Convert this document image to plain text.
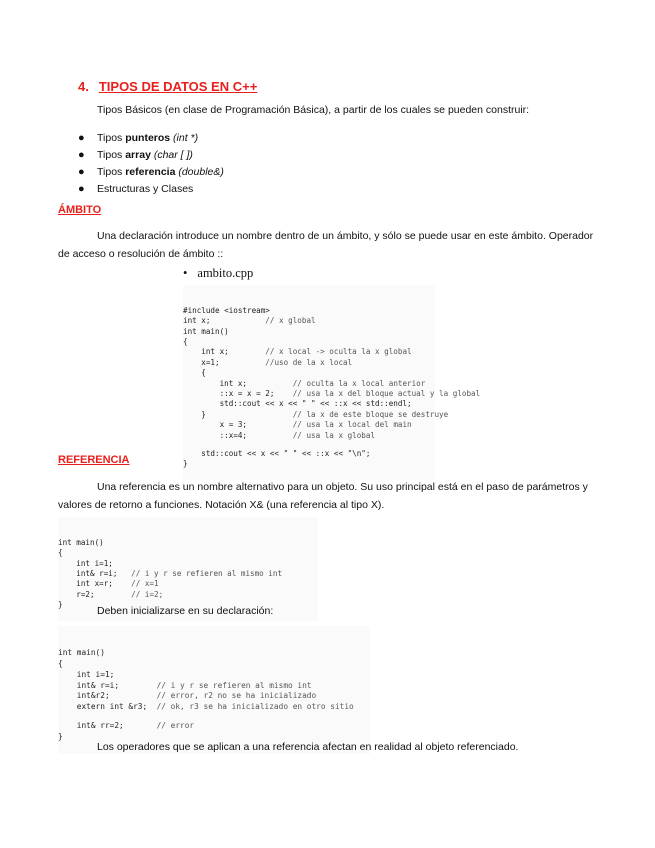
4. TIPOS DE DATOS EN C++
Tipos Básicos (en clase de Programación Básica), a partir de los cuales se pueden construir:
● Tipos punteros (int *)
● Tipos array (char [ ])
● Tipos referencia (double&)
● Estructuras y Clases
ÁMBITO
Una declaración introduce un nombre dentro de un ámbito, y sólo se puede usar en este ámbito. Operador
de acceso o resolución de ámbito ::
• ambito.cpp

#include <iostream>
int x;            // x global
int main()
{
int x;        // x local -> oculta la x global
x=1;          //uso de la x local
{
int x;          // oculta la x local anterior
::x = x = 2;    // usa la x del bloque actual y la global
std::cout << x << " " << ::x << std::endl;
}                   // la x de este bloque se destruye
x = 3;          // usa la x local del main
::x=4;          // usa la x global
std::cout << x << " " << ::x << "\n";
}

REFERENCIA
Una referencia es un nombre alternativo para un objeto. Su uso principal está en el paso de parámetros y
valores de retorno a funciones. Notación X& (una referencia al tipo X).

int main()
{
int i=1;
int& r=i;   // i y r se refieren al mismo int
int x=r;    // x=1
r=2;        // i=2;
}

Deben inicializarse en su declaración:

int main()
{
int i=1;
int& r=i;        // i y r se refieren al mismo int
int&r2;          // error, r2 no se ha inicializado
extern int &r3;  // ok, r3 se ha inicializado en otro sitio
int& rr=2;       // error
}

Los operadores que se aplican a una referencia afectan en realidad al objeto referenciado.
